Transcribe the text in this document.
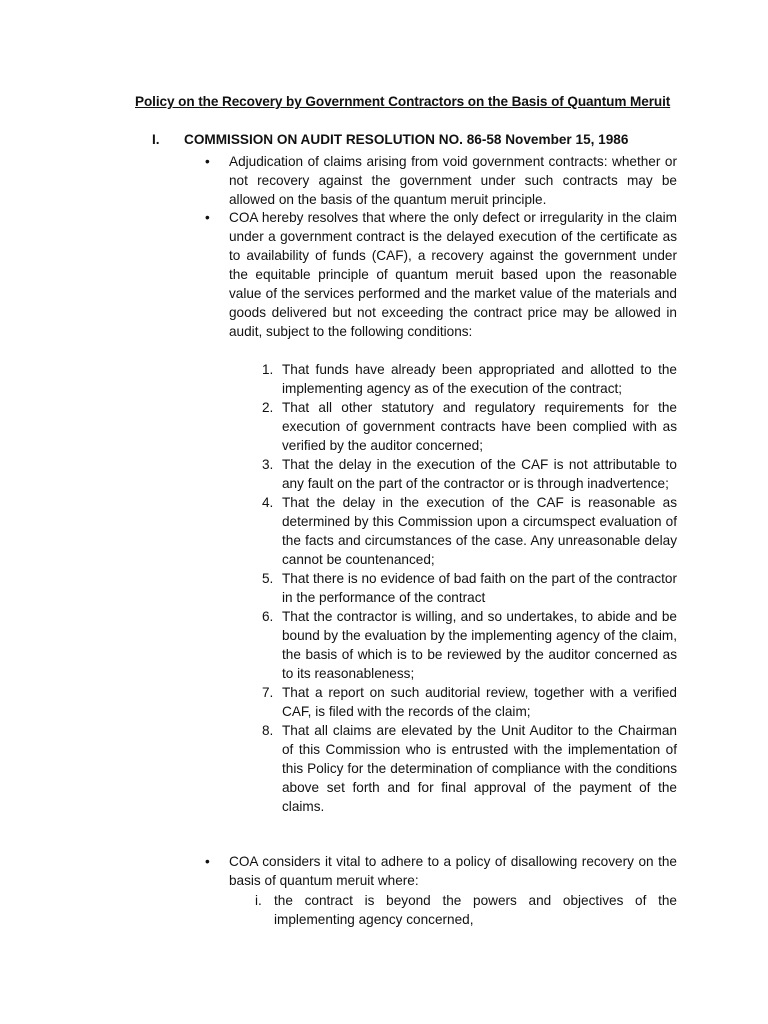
Policy on the Recovery by Government Contractors on the Basis of Quantum Meruit
I. COMMISSION ON AUDIT RESOLUTION NO. 86-58 November 15, 1986
• Adjudication of claims arising from void government contracts: whether or not recovery against the government under such contracts may be allowed on the basis of the quantum meruit principle.
• COA hereby resolves that where the only defect or irregularity in the claim under a government contract is the delayed execution of the certificate as to availability of funds (CAF), a recovery against the government under the equitable principle of quantum meruit based upon the reasonable value of the services performed and the market value of the materials and goods delivered but not exceeding the contract price may be allowed in audit, subject to the following conditions:
1. That funds have already been appropriated and allotted to the implementing agency as of the execution of the contract;
2. That all other statutory and regulatory requirements for the execution of government contracts have been complied with as verified by the auditor concerned;
3. That the delay in the execution of the CAF is not attributable to any fault on the part of the contractor or is through inadvertence;
4. That the delay in the execution of the CAF is reasonable as determined by this Commission upon a circumspect evaluation of the facts and circumstances of the case. Any unreasonable delay cannot be countenanced;
5. That there is no evidence of bad faith on the part of the contractor in the performance of the contract
6. That the contractor is willing, and so undertakes, to abide and be bound by the evaluation by the implementing agency of the claim, the basis of which is to be reviewed by the auditor concerned as to its reasonableness;
7. That a report on such auditorial review, together with a verified CAF, is filed with the records of the claim;
8. That all claims are elevated by the Unit Auditor to the Chairman of this Commission who is entrusted with the implementation of this Policy for the determination of compliance with the conditions above set forth and for final approval of the payment of the claims.
• COA considers it vital to adhere to a policy of disallowing recovery on the basis of quantum meruit where:
i. the contract is beyond the powers and objectives of the implementing agency concerned,
